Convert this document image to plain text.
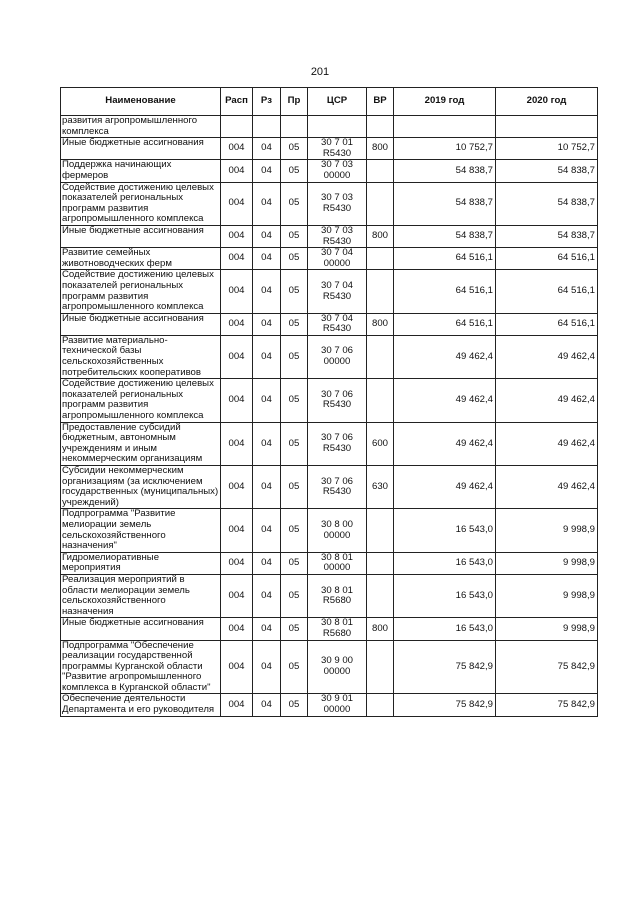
201
Наименование	Расп	Рз	Пр	ЦСР	ВР	2019 год	2020 год
развития агропромышленного комплекса							
Иные бюджетные ассигнования	004	04	05	30 7 01 R5430	800	10 752,7	10 752,7
Поддержка начинающих фермеров	004	04	05	30 7 03 00000		54 838,7	54 838,7
Содействие достижению целевых показателей региональных программ развития агропромышленного комплекса	004	04	05	30 7 03 R5430		54 838,7	54 838,7
Иные бюджетные ассигнования	004	04	05	30 7 03 R5430	800	54 838,7	54 838,7
Развитие семейных животноводческих ферм	004	04	05	30 7 04 00000		64 516,1	64 516,1
Содействие достижению целевых показателей региональных программ развития агропромышленного комплекса	004	04	05	30 7 04 R5430		64 516,1	64 516,1
Иные бюджетные ассигнования	004	04	05	30 7 04 R5430	800	64 516,1	64 516,1
Развитие материально-технической базы сельскохозяйственных потребительских кооперативов	004	04	05	30 7 06 00000		49 462,4	49 462,4
Содействие достижению целевых показателей региональных программ развития агропромышленного комплекса	004	04	05	30 7 06 R5430		49 462,4	49 462,4
Предоставление субсидий бюджетным, автономным учреждениям и иным некоммерческим организациям	004	04	05	30 7 06 R5430	600	49 462,4	49 462,4
Субсидии некоммерческим организациям (за исключением государственных (муниципальных) учреждений)	004	04	05	30 7 06 R5430	630	49 462,4	49 462,4
Подпрограмма "Развитие мелиорации земель сельскохозяйственного назначения"	004	04	05	30 8 00 00000		16 543,0	9 998,9
Гидромелиоративные мероприятия	004	04	05	30 8 01 00000		16 543,0	9 998,9
Реализация мероприятий в области мелиорации земель сельскохозяйственного назначения	004	04	05	30 8 01 R5680		16 543,0	9 998,9
Иные бюджетные ассигнования	004	04	05	30 8 01 R5680	800	16 543,0	9 998,9
Подпрограмма "Обеспечение реализации государственной программы Курганской области "Развитие агропромышленного комплекса в Курганской области"	004	04	05	30 9 00 00000		75 842,9	75 842,9
Обеспечение деятельности Департамента и его руководителя	004	04	05	30 9 01 00000		75 842,9	75 842,9
